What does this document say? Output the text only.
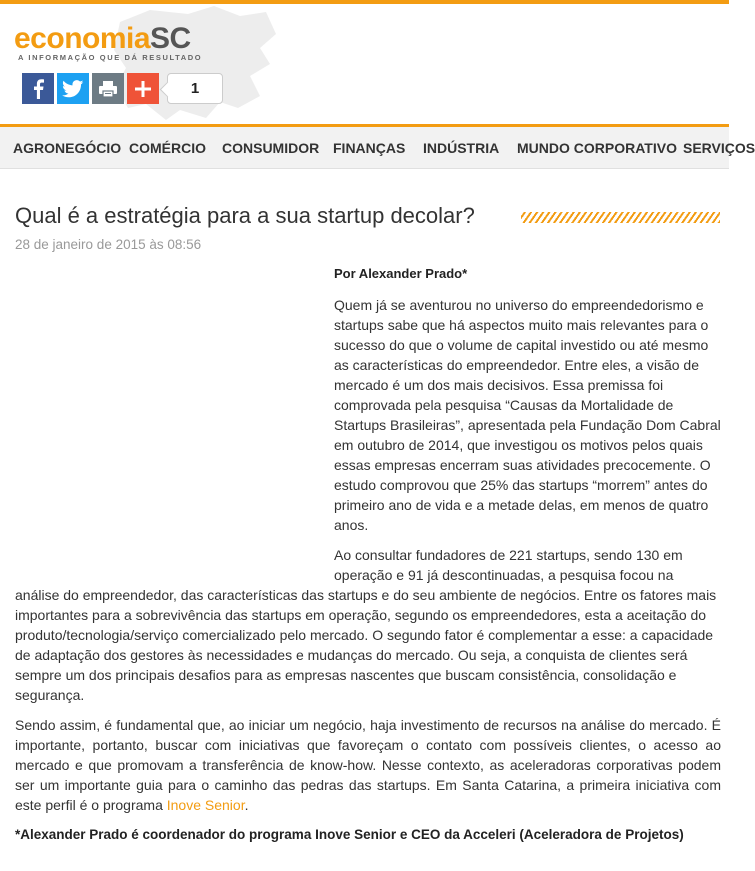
economiaSC
A INFORMAÇÃO QUE DÁ RESULTADO
1
AGRONEGÓCIO COMÉRCIO CONSUMIDOR FINANÇAS INDÚSTRIA MUNDO CORPORATIVO SERVIÇOS
Qual é a estratégia para a sua startup decolar?
28 de janeiro de 2015 às 08:56
Por Alexander Prado*

Quem já se aventurou no universo do empreendedorismo e startups sabe que há aspectos muito mais relevantes para o sucesso do que o volume de capital investido ou até mesmo as características do empreendedor. Entre eles, a visão de mercado é um dos mais decisivos. Essa premissa foi comprovada pela pesquisa “Causas da Mortalidade de Startups Brasileiras”, apresentada pela Fundação Dom Cabral em outubro de 2014, que investigou os motivos pelos quais essas empresas encerram suas atividades precocemente. O estudo comprovou que 25% das startups “morrem” antes do primeiro ano de vida e a metade delas, em menos de quatro anos.

Ao consultar fundadores de 221 startups, sendo 130 em operação e 91 já descontinuadas, a pesquisa focou na

análise do empreendedor, das características das startups e do seu ambiente de negócios. Entre os fatores mais importantes para a sobrevivência das startups em operação, segundo os empreendedores, esta a aceitação do produto/tecnologia/serviço comercializado pelo mercado. O segundo fator é complementar a esse: a capacidade de adaptação dos gestores às necessidades e mudanças do mercado. Ou seja, a conquista de clientes será sempre um dos principais desafios para as empresas nascentes que buscam consistência, consolidação e segurança.

Sendo assim, é fundamental que, ao iniciar um negócio, haja investimento de recursos na análise do mercado. É importante, portanto, buscar com iniciativas que favoreçam o contato com possíveis clientes, o acesso ao mercado e que promovam a transferência de know-how. Nesse contexto, as aceleradoras corporativas podem ser um importante guia para o caminho das pedras das startups. Em Santa Catarina, a primeira iniciativa com este perfil é o programa Inove Senior.

*Alexander Prado é coordenador do programa Inove Senior e CEO da Acceleri (Aceleradora de Projetos)
